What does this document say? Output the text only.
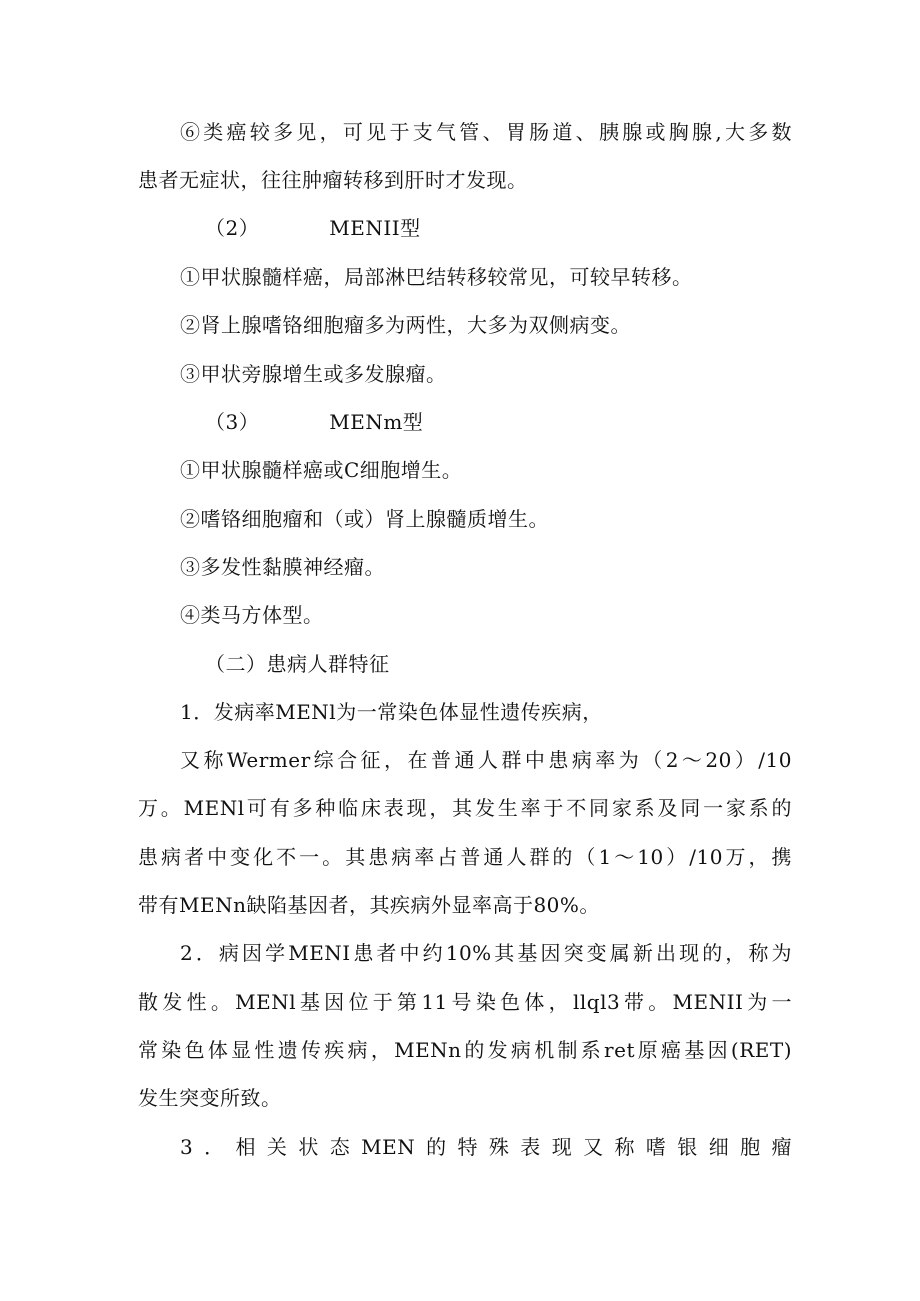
⑥类癌较多见，可见于支气管、胃肠道、胰腺或胸腺,大多数
患者无症状，往往肿瘤转移到肝时才发现。
（2）	MENII型
①甲状腺髓样癌，局部淋巴结转移较常见，可较早转移。
②肾上腺嗜铬细胞瘤多为两性，大多为双侧病变。
③甲状旁腺增生或多发腺瘤。
（3）	MENm型
①甲状腺髓样癌或C细胞增生。
②嗜铬细胞瘤和（或）肾上腺髓质增生。
③多发性黏膜神经瘤。
④类马方体型。
（二）患病人群特征
1．发病率MENl为一常染色体显性遗传疾病，
又称Wermer综合征，在普通人群中患病率为（2～20）/10
万。MENl可有多种临床表现，其发生率于不同家系及同一家系的
患病者中变化不一。其患病率占普通人群的（1～10）/10万，携
带有MENn缺陷基因者，其疾病外显率高于80%。
2．病因学MENI患者中约10%其基因突变属新出现的，称为
散发性。MENl基因位于第11号染色体，llql3带。MENII为一
常染色体显性遗传疾病，MENn的发病机制系ret原癌基因(RET)
发生突变所致。
3．相关状态MEN的特殊表现又称嗜银细胞瘤
